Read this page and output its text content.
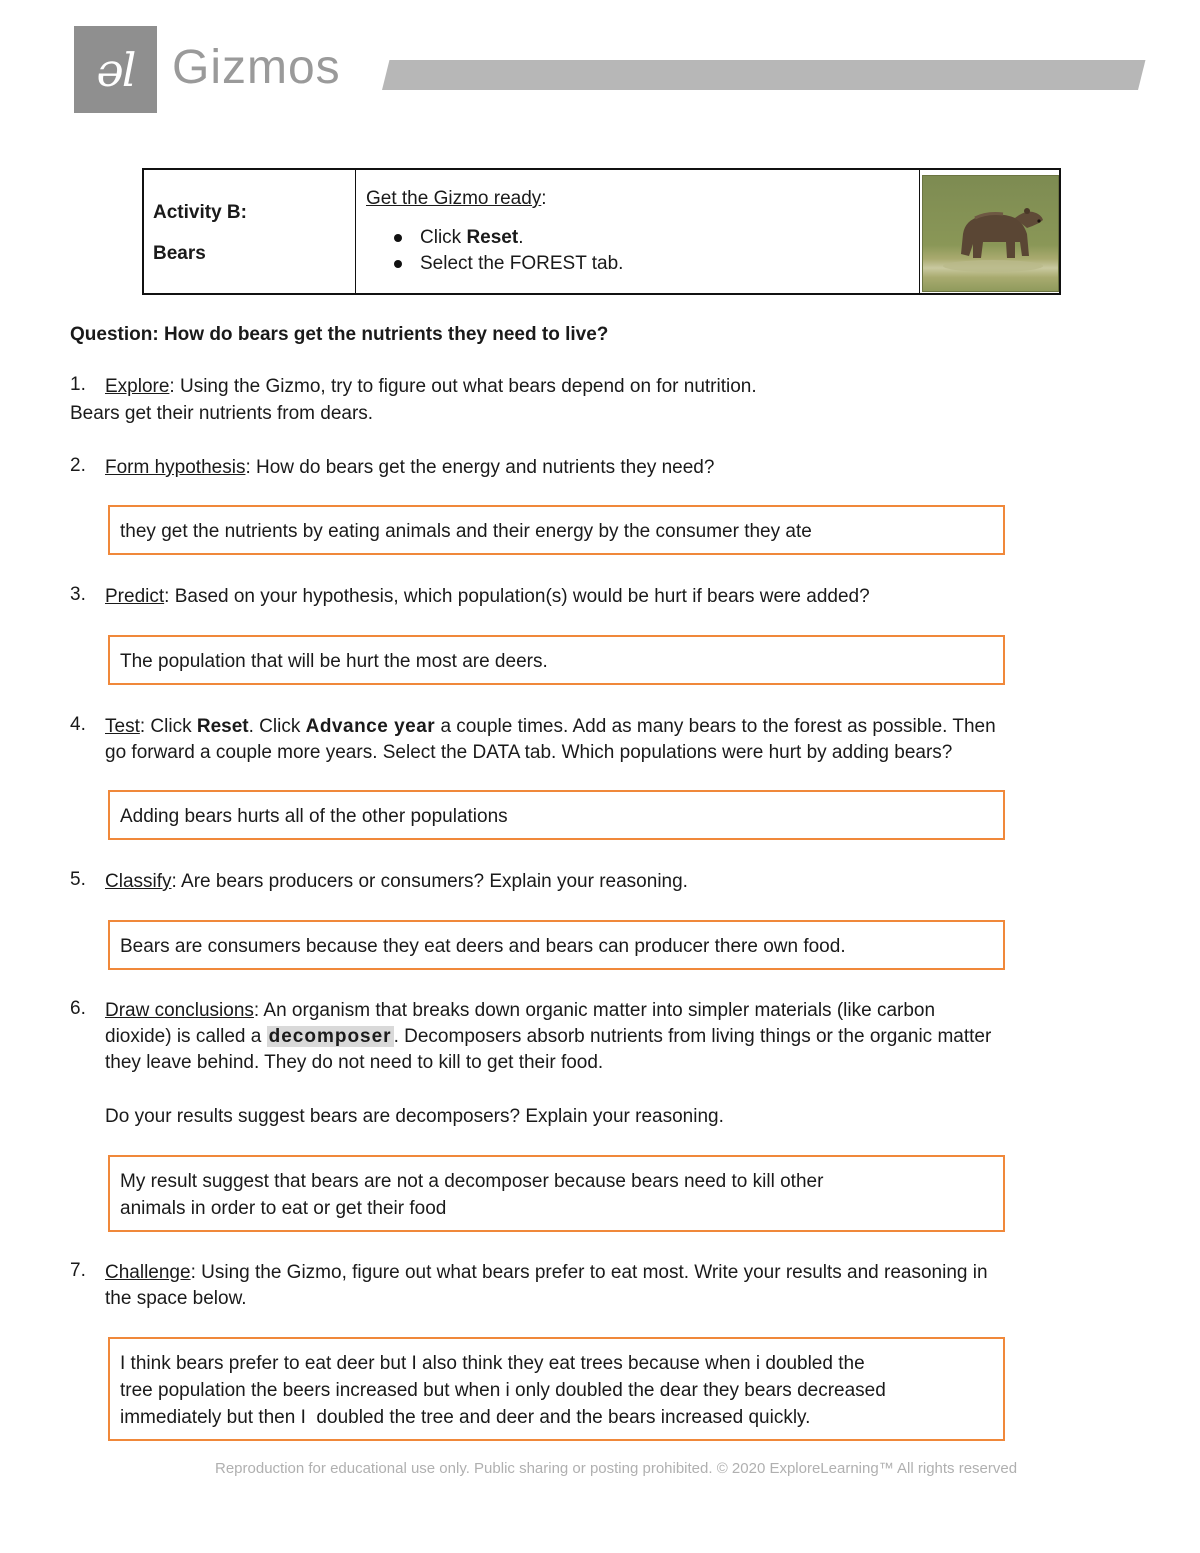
ǝl Gizmos
Activity B:
Bears
Get the Gizmo ready:
Click Reset.
Select the FOREST tab.
Question: How do bears get the nutrients they need to live?
1. Explore: Using the Gizmo, try to figure out what bears depend on for nutrition.
Bears get their nutrients from dears.
2. Form hypothesis: How do bears get the energy and nutrients they need?
they get the nutrients by eating animals and their energy by the consumer they ate
3. Predict: Based on your hypothesis, which population(s) would be hurt if bears were added?
The population that will be hurt the most are deers.
4. Test: Click Reset. Click Advance year a couple times. Add as many bears to the forest as possible. Then
go forward a couple more years. Select the DATA tab. Which populations were hurt by adding bears?
Adding bears hurts all of the other populations
5. Classify: Are bears producers or consumers? Explain your reasoning.
Bears are consumers because they eat deers and bears can producer there own food.
6. Draw conclusions: An organism that breaks down organic matter into simpler materials (like carbon
dioxide) is called a decomposer . Decomposers absorb nutrients from living things or the organic matter
they leave behind. They do not need to kill to get their food.
Do your results suggest bears are decomposers? Explain your reasoning.
My result suggest that bears are not a decomposer because bears need to kill other
animals in order to eat or get their food
7. Challenge: Using the Gizmo, figure out what bears prefer to eat most. Write your results and reasoning in
the space below.
I think bears prefer to eat deer but I also think they eat trees because when i doubled the
tree population the beers increased but when i only doubled the dear they bears decreased
immediately but then I  doubled the tree and deer and the bears increased quickly.
Reproduction for educational use only. Public sharing or posting prohibited. © 2020 ExploreLearning™ All rights reserved
